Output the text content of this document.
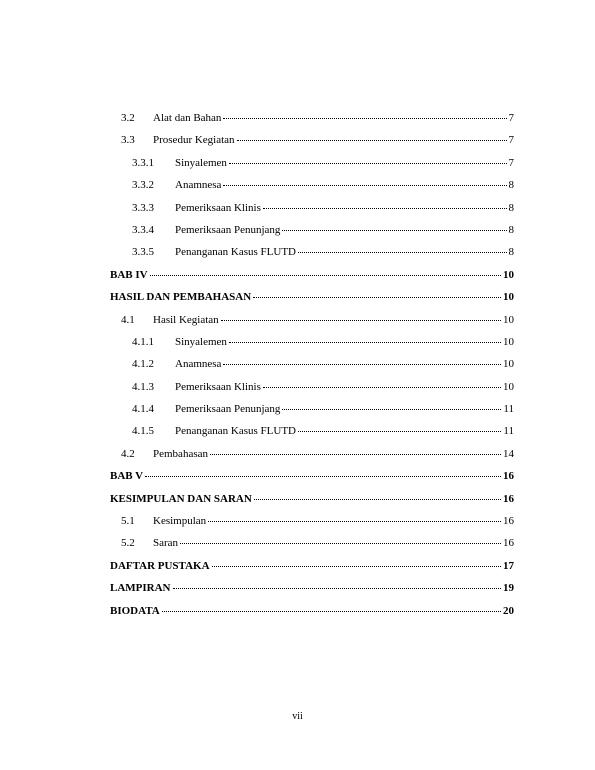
3.2	Alat dan Bahan	7
3.3	Prosedur Kegiatan	7
3.3.1	Sinyalemen	7
3.3.2	Anamnesa	8
3.3.3	Pemeriksaan Klinis	8
3.3.4	Pemeriksaan Penunjang	8
3.3.5	Penanganan Kasus FLUTD	8
BAB IV	10
HASIL DAN PEMBAHASAN	10
4.1	Hasil Kegiatan	10
4.1.1	Sinyalemen	10
4.1.2	Anamnesa	10
4.1.3	Pemeriksaan Klinis	10
4.1.4	Pemeriksaan Penunjang	11
4.1.5	Penanganan Kasus FLUTD	11
4.2	Pembahasan	14
BAB V	16
KESIMPULAN DAN SARAN	16
5.1	Kesimpulan	16
5.2	Saran	16
DAFTAR PUSTAKA	17
LAMPIRAN	19
BIODATA	20
vii
